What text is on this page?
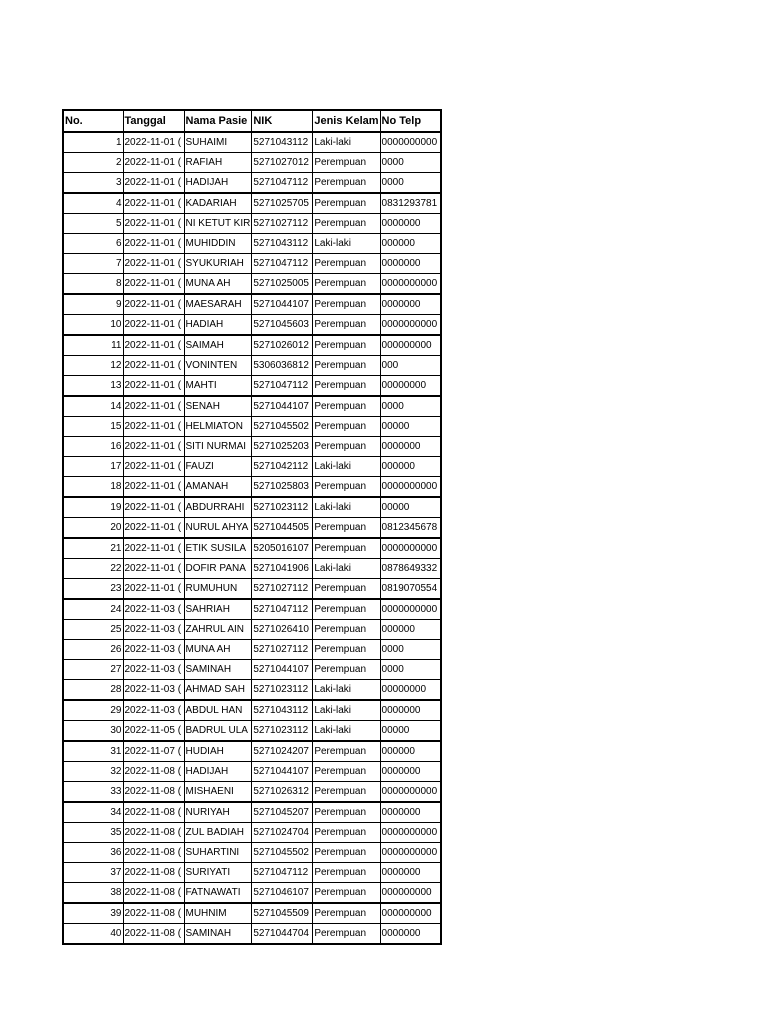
No.	Tanggal	Nama Pasie	NIK	Jenis Kelam	No Telp
1	2022-11-01 (	SUHAIMI	5271043112	Laki-laki	0000000000
2	2022-11-01 (	RAFIAH	5271027012	Perempuan	0000
3	2022-11-01 (	HADIJAH	5271047112	Perempuan	0000
4	2022-11-01 (	KADARIAH	5271025705	Perempuan	0831293781
5	2022-11-01 (	NI KETUT KIR	5271027112	Perempuan	0000000
6	2022-11-01 (	MUHIDDIN	5271043112	Laki-laki	000000
7	2022-11-01 (	SYUKURIAH	5271047112	Perempuan	0000000
8	2022-11-01 (	MUNA AH	5271025005	Perempuan	0000000000
9	2022-11-01 (	MAESARAH	5271044107	Perempuan	0000000
10	2022-11-01 (	HADIAH	5271045603	Perempuan	0000000000
11	2022-11-01 (	SAIMAH	5271026012	Perempuan	000000000
12	2022-11-01 (	VONINTEN	5306036812	Perempuan	000
13	2022-11-01 (	MAHTI	5271047112	Perempuan	00000000
14	2022-11-01 (	SENAH	5271044107	Perempuan	0000
15	2022-11-01 (	HELMIATON	5271045502	Perempuan	00000
16	2022-11-01 (	SITI NURMAI	5271025203	Perempuan	0000000
17	2022-11-01 (	FAUZI	5271042112	Laki-laki	000000
18	2022-11-01 (	AMANAH	5271025803	Perempuan	0000000000
19	2022-11-01 (	ABDURRAHI	5271023112	Laki-laki	00000
20	2022-11-01 (	NURUL AHYA	5271044505	Perempuan	0812345678
21	2022-11-01 (	ETIK SUSILA	5205016107	Perempuan	0000000000
22	2022-11-01 (	DOFIR PANA	5271041906	Laki-laki	0878649332
23	2022-11-01 (	RUMUHUN	5271027112	Perempuan	0819070554
24	2022-11-03 (	SAHRIAH	5271047112	Perempuan	0000000000
25	2022-11-03 (	ZAHRUL AIN	5271026410	Perempuan	000000
26	2022-11-03 (	MUNA AH	5271027112	Perempuan	0000
27	2022-11-03 (	SAMINAH	5271044107	Perempuan	0000
28	2022-11-03 (	AHMAD SAH	5271023112	Laki-laki	00000000
29	2022-11-03 (	ABDUL HAN	5271043112	Laki-laki	0000000
30	2022-11-05 (	BADRUL ULA	5271023112	Laki-laki	00000
31	2022-11-07 (	HUDIAH	5271024207	Perempuan	000000
32	2022-11-08 (	HADIJAH	5271044107	Perempuan	0000000
33	2022-11-08 (	MISHAENI	5271026312	Perempuan	0000000000
34	2022-11-08 (	NURIYAH	5271045207	Perempuan	0000000
35	2022-11-08 (	ZUL BADIAH	5271024704	Perempuan	0000000000
36	2022-11-08 (	SUHARTINI	5271045502	Perempuan	0000000000
37	2022-11-08 (	SURIYATI	5271047112	Perempuan	0000000
38	2022-11-08 (	FATNAWATI	5271046107	Perempuan	000000000
39	2022-11-08 (	MUHNIM	5271045509	Perempuan	000000000
40	2022-11-08 (	SAMINAH	5271044704	Perempuan	0000000
